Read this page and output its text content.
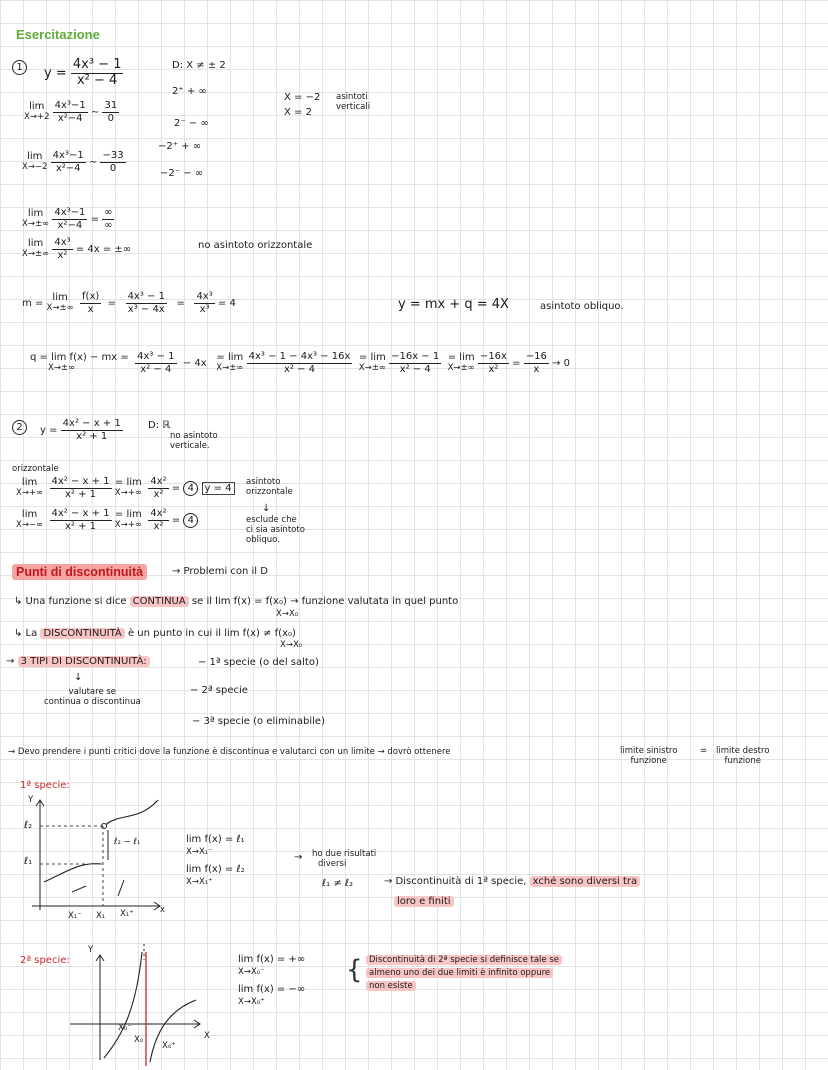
Esercitazione
1	$y = \frac{\text{4x³ − 1}}{\text{x² − 4}}$	D: X ≠ ± 2
lim
X→+2
$\frac{\text{4x³−1}}{\text{x²−4}}$ ∼ $\frac{31}{0}$
2⁺ + ∞
2⁻ − ∞
X = −2
X = 2
asintoti
verticali
lim
X→−2
$\frac{\text{4x³−1}}{\text{x²−4}}$ ∼ $\frac{-33}{0}$
−2⁺ + ∞
−2⁻ − ∞
lim
X→±∞
$\frac{\text{4x³−1}}{\text{x²−4}} = \frac{\infty}{\infty}$
lim
X→±∞
$\frac{\text{4x³}}{\text{x²}} = 4x$ = ±∞	no asintoto orizzontale
m =
lim
X→±∞
$\frac{f(x)}{x} = \frac{\text{4x³ − 1}}{\text{x³ − 4x}} = \frac{\text{4x³}}{\text{x³}} = 4$	y = mx + q = 4X	asintoto obliquo.
q = lim f(x) − mx =
X→±∞
	$\frac{\text{4x³ − 1}}{\text{x² − 4}} - 4x$
= lim
X→±∞
$\frac{\text{4x³ − 1 − 4x³ − 16x}}{\text{x² − 4}}$
= lim
X→±∞
$\frac{-16x - 1}{\text{x² − 4}}$
= lim
X→±∞
$\frac{-16x}{\text{x²}} = \frac{-16}{x} \to 0$
2	$y = \frac{\text{4x² − x + 1}}{\text{x² + 1}}$	D: ℝ
no asintoto
verticale.
orizzontale
lim
X→+∞
$\frac{\text{4x² − x + 1}}{\text{x² + 1}}$
= lim
X→+∞
$\frac{\text{4x²}}{\text{x²}} = 4$ y = 4
asintoto
orizzontale
lim
X→−∞
$\frac{\text{4x² − x + 1}}{\text{x² + 1}}$
= lim
X→+∞
$\frac{\text{4x²}}{\text{x²}} = 4$
↓
esclude che
ci sia asintoto
obliquo.
Punti di discontinuità	→ Problemi con il D
↳ Una funzione si dice CONTINUA se il lim f(x) = f(x₀) → funzione valutata in quel punto
X→X₀
↳ La DISCONTINUITÀ è un punto in cui il lim f(x) ≠ f(x₀)
X→X₀
→ 3 TIPI DI DISCONTINUITÀ:	− 1ª specie (o del salto)
− 2ª specie
− 3ª specie (o eliminabile)
↓
valutare se
continua o discontinua
→ Devo prendere i punti critici dove la funzione è discontinua e valutarci con un limite → dovrò ottenere	limite sinistro
funzione
= limite destro
funzione
1ª specie:
Y
x
ℓ₂
ℓ₁
ℓ₂ − ℓ₁
X₁⁻ X₁ X₁⁺
lim f(x) = ℓ₁
X→X₁⁻
lim f(x) = ℓ₂
X→X₁⁺
→ ho due risultati
diversi
ℓ₁ ≠ ℓ₂	→ Discontinuità di 1ª specie, xché sono diversi tra
loro e finiti
2ª specie:
Y
X
X₀⁻
X₀
X₀⁺
lim f(x) = +∞
X→X₀⁻
lim f(x) = −∞
X→X₀⁺
{ Discontinuità di 2ª specie si definisce tale se
almeno uno dei due limiti è infinito oppure
non esiste
